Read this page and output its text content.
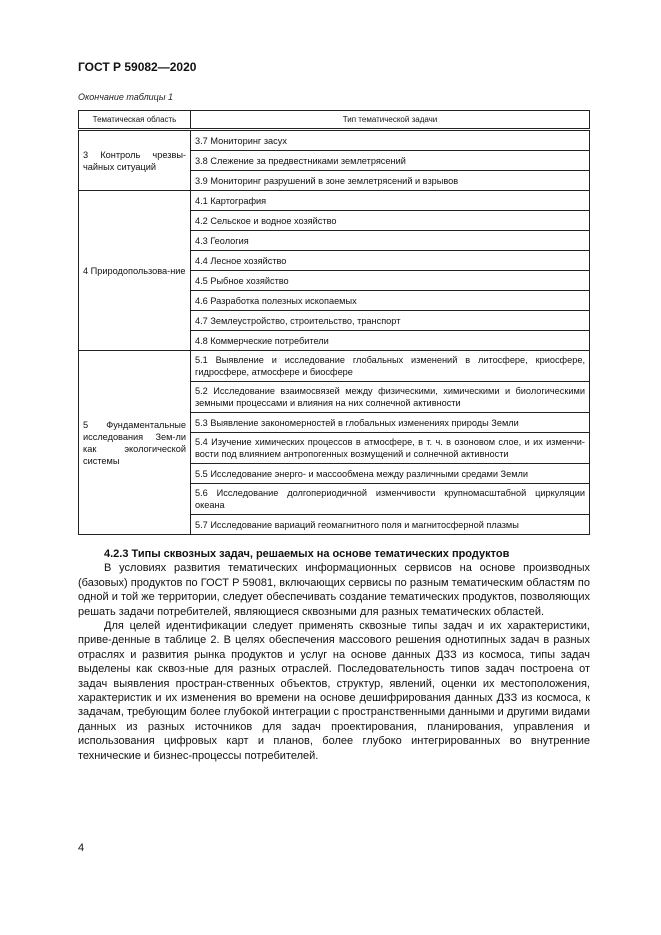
ГОСТ Р 59082—2020
Окончание таблицы 1
Тематическая область	Тип тематической задачи
3 Контроль чрезвы-чайных ситуаций	3.7 Мониторинг засух
	3.8 Слежение за предвестниками землетрясений
	3.9 Мониторинг разрушений в зоне землетрясений и взрывов
4 Природопользова-ние	4.1 Картография
	4.2 Сельское и водное хозяйство
	4.3 Геология
	4.4 Лесное хозяйство
	4.5 Рыбное хозяйство
	4.6 Разработка полезных ископаемых
	4.7 Землеустройство, строительство, транспорт
	4.8 Коммерческие потребители
5 Фундаментальные исследования Зем-ли как экологической системы	5.1 Выявление и исследование глобальных изменений в литосфере, криосфере, гидросфере, атмосфере и биосфере
	5.2 Исследование взаимосвязей между физическими, химическими и биологическими земными процессами и влияния на них солнечной активности
	5.3 Выявление закономерностей в глобальных изменениях природы Земли
	5.4 Изучение химических процессов в атмосфере, в т. ч. в озоновом слое, и их изменчи-вости под влиянием антропогенных возмущений и солнечной активности
	5.5 Исследование энерго- и массообмена между различными средами Земли
	5.6 Исследование долгопериодичной изменчивости крупномасштабной циркуляции океана
	5.7 Исследование вариаций геомагнитного поля и магнитосферной плазмы
4.2.3 Типы сквозных задач, решаемых на основе тематических продуктов

В условиях развития тематических информационных сервисов на основе производных (базовых) продуктов по ГОСТ Р 59081, включающих сервисы по разным тематическим областям по одной и той же территории, следует обеспечивать создание тематических продуктов, позволяющих решать задачи потребителей, являющиеся сквозными для разных тематических областей.

Для целей идентификации следует применять сквозные типы задач и их характеристики, приве-денные в таблице 2. В целях обеспечения массового решения однотипных задач в разных отраслях и развития рынка продуктов и услуг на основе данных ДЗЗ из космоса, типы задач выделены как сквоз-ные для разных отраслей. Последовательность типов задач построена от задач выявления простран-ственных объектов, структур, явлений, оценки их местоположения, характеристик и их изменения во времени на основе дешифрирования данных ДЗЗ из космоса, к задачам, требующим более глубокой интеграции с пространственными данными и другими видами данных из разных источников для задач проектирования, планирования, управления и использования цифровых карт и планов, более глубоко интегрированных во внутренние технические и бизнес-процессы потребителей.

4
